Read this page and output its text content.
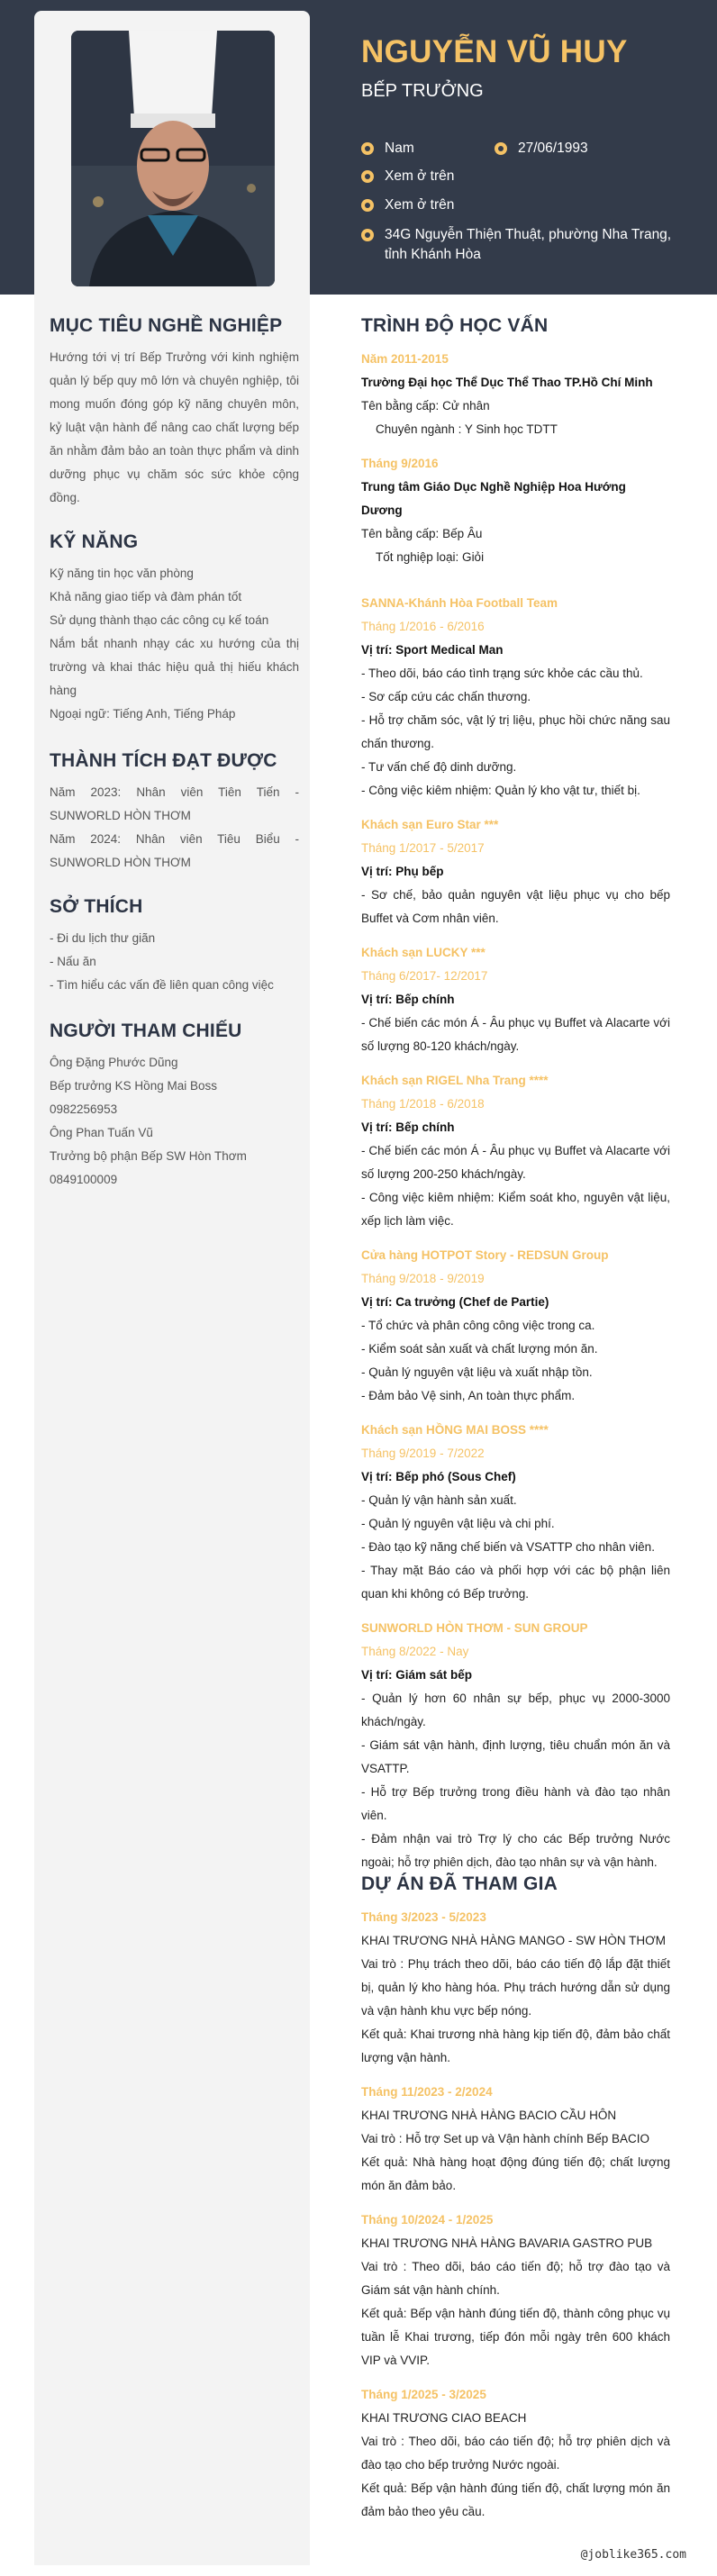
NGUYỄN VŨ HUY
BẾP TRƯỞNG
Nam	27/06/1993
Xem ở trên
Xem ở trên
34G Nguyễn Thiện Thuật, phường Nha Trang, tỉnh Khánh Hòa
MỤC TIÊU NGHỀ NGHIỆP
Hướng tới vị trí Bếp Trưởng với kinh nghiệm quản lý bếp quy mô lớn và chuyên nghiệp, tôi mong muốn đóng góp kỹ năng chuyên môn, kỷ luật vận hành để nâng cao chất lượng bếp ăn nhằm đảm bảo an toàn thực phẩm và dinh dưỡng phục vụ chăm sóc sức khỏe cộng đồng.
KỸ NĂNG
Kỹ năng tin học văn phòng
Khả năng giao tiếp và đàm phán tốt
Sử dụng thành thạo các công cụ kế toán
Nắm bắt nhanh nhạy các xu hướng của thị trường và khai thác hiệu quả thị hiếu khách hàng
Ngoại ngữ: Tiếng Anh, Tiếng Pháp
THÀNH TÍCH ĐẠT ĐƯỢC
Năm 2023: Nhân viên Tiên Tiến - SUNWORLD HÒN THƠM
Năm 2024: Nhân viên Tiêu Biểu - SUNWORLD HÒN THƠM
SỞ THÍCH
- Đi du lịch thư giãn
- Nấu ăn
- Tìm hiểu các vấn đề liên quan công việc
NGƯỜI THAM CHIẾU
Ông Đặng Phước Dũng
Bếp trưởng KS Hồng Mai Boss
0982256953
Ông Phan Tuấn Vũ
Trưởng bộ phận Bếp SW Hòn Thơm
0849100009
TRÌNH ĐỘ HỌC VẤN
Năm 2011-2015
Trường Đại học Thể Dục Thể Thao TP.Hồ Chí Minh
Tên bằng cấp: Cử nhân
Chuyên ngành : Y Sinh học TDTT
Tháng 9/2016
Trung tâm Giáo Dục Nghề Nghiệp Hoa Hướng Dương
Tên bằng cấp: Bếp Âu
Tốt nghiệp loại: Giỏi
SANNA-Khánh Hòa Football Team
Tháng 1/2016 - 6/2016
Vị trí: Sport Medical Man
- Theo dõi, báo cáo tình trạng sức khỏe các cầu thủ.
- Sơ cấp cứu các chấn thương.
- Hỗ trợ chăm sóc, vật lý trị liệu, phục hồi chức năng sau chấn thương.
- Tư vấn chế độ dinh dưỡng.
- Công việc kiêm nhiệm: Quản lý kho vật tư, thiết bị.
Khách sạn Euro Star ***
Tháng 1/2017 - 5/2017
Vị trí: Phụ bếp
- Sơ chế, bảo quản nguyên vật liệu phục vụ cho bếp Buffet và Cơm nhân viên.
Khách sạn LUCKY ***
Tháng 6/2017- 12/2017
Vị trí: Bếp chính
- Chế biến các món Á - Âu phục vụ Buffet và Alacarte với số lượng 80-120 khách/ngày.
Khách sạn RIGEL Nha Trang ****
Tháng 1/2018 - 6/2018
Vị trí: Bếp chính
- Chế biến các món Á - Âu phục vụ Buffet và Alacarte với số lượng 200-250 khách/ngày.
- Công việc kiêm nhiệm: Kiểm soát kho, nguyên vật liệu, xếp lịch làm việc.
Cửa hàng HOTPOT Story - REDSUN Group
Tháng 9/2018 - 9/2019
Vị trí: Ca trưởng (Chef de Partie)
- Tổ chức và phân công công việc trong ca.
- Kiểm soát sản xuất và chất lượng món ăn.
- Quản lý nguyên vật liệu và xuất nhập tồn.
- Đảm bảo Vệ sinh, An toàn thực phẩm.
Khách sạn HỒNG MAI BOSS ****
Tháng 9/2019 - 7/2022
Vị trí: Bếp phó (Sous Chef)
- Quản lý vận hành sản xuất.
- Quản lý nguyên vật liệu và chi phí.
- Đào tạo kỹ năng chế biến và VSATTP cho nhân viên.
- Thay mặt Báo cáo và phối hợp với các bộ phận liên quan khi không có Bếp trưởng.
SUNWORLD HÒN THƠM - SUN GROUP
Tháng 8/2022 - Nay
Vị trí: Giám sát bếp
- Quản lý hơn 60 nhân sự bếp, phục vụ 2000-3000 khách/ngày.
- Giám sát vận hành, định lượng, tiêu chuẩn món ăn và VSATTP.
- Hỗ trợ Bếp trưởng trong điều hành và đào tạo nhân viên.
- Đảm nhận vai trò Trợ lý cho các Bếp trưởng Nước ngoài; hỗ trợ phiên dịch, đào tạo nhân sự và vận hành.
DỰ ÁN ĐÃ THAM GIA
Tháng 3/2023 - 5/2023
KHAI TRƯƠNG NHÀ HÀNG MANGO - SW HÒN THƠM
Vai trò : Phụ trách theo dõi, báo cáo tiến độ lắp đặt thiết bị, quản lý kho hàng hóa. Phụ trách hướng dẫn sử dụng và vận hành khu vực bếp nóng.
Kết quả: Khai trương nhà hàng kịp tiến độ, đảm bảo chất lượng vận hành.
Tháng 11/2023 - 2/2024
KHAI TRƯƠNG NHÀ HÀNG BACIO CẦU HÔN
Vai trò : Hỗ trợ Set up và Vận hành chính Bếp BACIO
Kết quả: Nhà hàng hoạt động đúng tiến độ; chất lượng món ăn đảm bảo.
Tháng 10/2024 - 1/2025
KHAI TRƯƠNG NHÀ HÀNG BAVARIA GASTRO PUB
Vai trò : Theo dõi, báo cáo tiến độ; hỗ trợ đào tạo và Giám sát vận hành chính.
Kết quả: Bếp vận hành đúng tiến độ, thành công phục vụ tuần lễ Khai trương, tiếp đón mỗi ngày trên 600 khách VIP và VVIP.
Tháng 1/2025 - 3/2025
KHAI TRƯƠNG CIAO BEACH
Vai trò : Theo dõi, báo cáo tiến độ; hỗ trợ phiên dịch và đào tạo cho bếp trưởng Nước ngoài.
Kết quả: Bếp vận hành đúng tiến độ, chất lượng món ăn đảm bảo theo yêu cầu.
@joblike365.com
